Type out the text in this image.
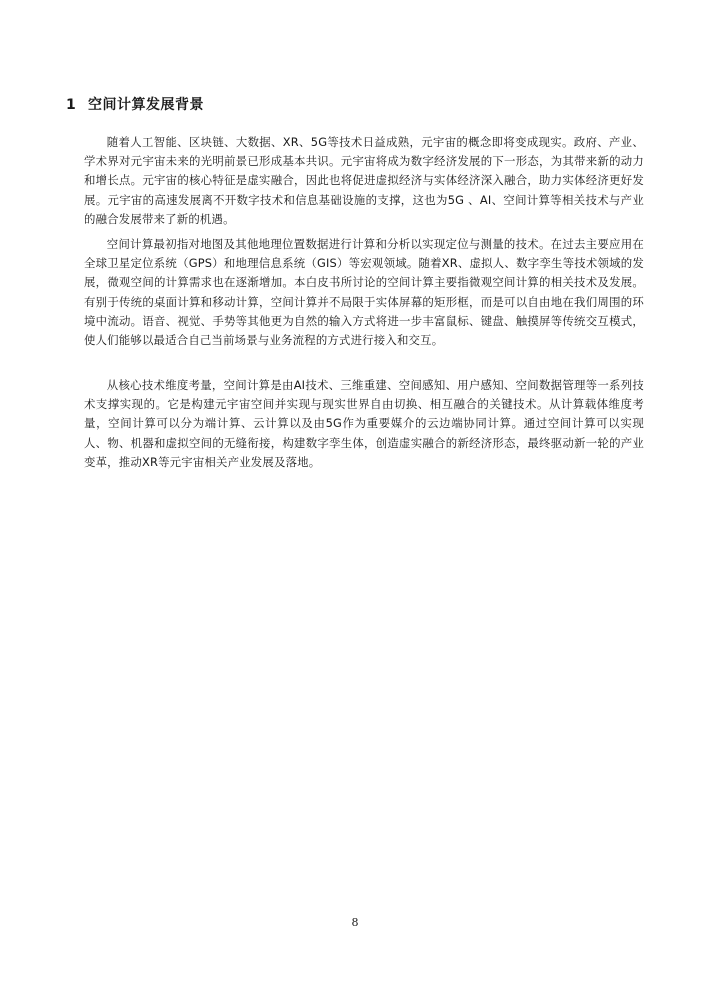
1 空间计算发展背景

随着人工智能、区块链、大数据、XR、5G等技术日益成熟，元宇宙的概念即将变成现实。政府、产业、学术界对元宇宙未来的光明前景已形成基本共识。元宇宙将成为数字经济发展的下一形态，为其带来新的动力和增长点。元宇宙的核心特征是虚实融合，因此也将促进虚拟经济与实体经济深入融合，助力实体经济更好发展。元宇宙的高速发展离不开数字技术和信息基础设施的支撑，这也为5G 、AI、空间计算等相关技术与产业的融合发展带来了新的机遇。

空间计算最初指对地图及其他地理位置数据进行计算和分析以实现定位与测量的技术。在过去主要应用在全球卫星定位系统（GPS）和地理信息系统（GIS）等宏观领域。随着XR、虚拟人、数字孪生等技术领域的发展，微观空间的计算需求也在逐渐增加。本白皮书所讨论的空间计算主要指微观空间计算的相关技术及发展。有别于传统的桌面计算和移动计算，空间计算并不局限于实体屏幕的矩形框，而是可以自由地在我们周围的环境中流动。语音、视觉、手势等其他更为自然的输入方式将进一步丰富鼠标、键盘、触摸屏等传统交互模式，使人们能够以最适合自己当前场景与业务流程的方式进行接入和交互。

从核心技术维度考量，空间计算是由AI技术、三维重建、空间感知、用户感知、空间数据管理等一系列技术支撑实现的。它是构建元宇宙空间并实现与现实世界自由切换、相互融合的关键技术。从计算载体维度考量，空间计算可以分为端计算、云计算以及由5G作为重要媒介的云边端协同计算。通过空间计算可以实现人、物、机器和虚拟空间的无缝衔接，构建数字孪生体，创造虚实融合的新经济形态，最终驱动新一轮的产业变革，推动XR等元宇宙相关产业发展及落地。

8
